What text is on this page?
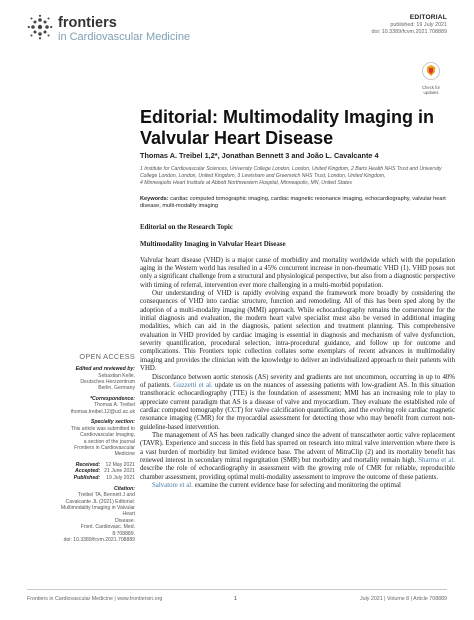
frontiers
in Cardiovascular Medicine
EDITORIAL
published: 19 July 2021
doi: 10.3389/fcvm.2021.708889
Check for updates
Editorial: Multimodality Imaging in Valvular Heart Disease
Thomas A. Treibel 1,2*, Jonathan Bennett 3 and João L. Cavalcante 4
1 Institute for Cardiovascular Sciences, University College London, London, United Kingdom, 2 Barts Health NHS Trust and University College London, London, United Kingdom, 3 Lewisham and Greenwich NHS Trust, London, United Kingdom,
4 Minneapolis Heart Institute at Abbott Northwestern Hospital, Minneapolis, MN, United States
Keywords: cardiac computed tomographic imaging, cardiac magnetic resonance imaging, echocardiography, valvular heart disease, multi-modality imaging
OPEN ACCESS
Edited and reviewed by:
Sebastian Kelle,
Deutsches Herzzentrum
Berlin, Germany
*Correspondence:
Thomas A. Treibel
thomas.treibel.12@ucl.ac.uk
Specialty section:
This article was submitted to
Cardiovascular Imaging,
a section of the journal
Frontiers in Cardiovascular Medicine
Received: 12 May 2021
Accepted: 21 June 2021
Published:	19 July 2021
Citation:
Treibel TA, Bennett J and
Cavalcante JL (2021) Editorial:
Multimodality Imaging in Valvular Heart
Disease.
Front. Cardiovasc. Med. 8:708889.
doi: 10.3389/fcvm.2021.708889
Editorial on the Research Topic
Multimodality Imaging in Valvular Heart Disease

Valvular heart disease (VHD) is a major cause of morbidity and mortality worldwide which with the population aging in the Western world has resulted in a 45% concurrent increase in non-rheumatic VHD (1). VHD poses not only a significant challenge from a structural and physiological perspective, but also from a diagnostic perspective with timing of referral, intervention ever more challenging in a multi-morbid population.

Our understanding of VHD is rapidly evolving expand the framework more broadly by considering the consequences of VHD into cardiac structure, function and remodeling. All of this has been sped along by the adoption of a multi-modality imaging (MMI) approach. While echocardiography remains the cornerstone for the initial diagnosis and evaluation, the modern heart valve specialist must also be versed in additional imaging modalities, which can aid in the diagnosis, patient selection and treatment planning. This comprehensive evaluation in VHD provided by cardiac imaging is essential in diagnosis and mechanism of valve dysfunction, severity quantification, procedural selection, intra-procedural guidance, and follow up for outcome and complications. This Frontiers topic collection collates some exemplars of recent advances in multimodality imaging and provides the clinician with the knowledge to deliver an individualized approach to their patients with VHD.

Discordance between aortic stenosis (AS) severity and gradients are not uncommon, occurring in up to 40% of patients. Guzzetti et al. update us on the nuances of assessing patients with low-gradient AS. In this situation transthoracic echocardiography (TTE) is the foundation of assessment; MMI has an increasing role to play to appreciate current paradigm that AS is a disease of valve and myocardium. They evaluate the established role of cardiac computed tomography (CCT) for valve calcification quantification, and the evolving role cardiac magnetic resonance imaging (CMR) for the myocardial assessment for detecting those who may benefit from current non-guideline-based intervention.

The management of AS has been radically changed since the advent of transcatheter aortic valve replacement (TAVR). Experience and success in this field has spurred on research into mitral valve intervention where there is a vast burden of morbidity but limited evidence base. The advent of MitraClip (2) and its mortality benefit has renewed interest in secondary mitral regurgitation (SMR) but morbidity and mortality remain high. Sharma et al. describe the role of echocardiography in assessment with the growing role of CMR for reliable, reproducible chamber assessment, providing optimal multi-modality assessment to improve the outcome of these patients.

Salvatore et al. examine the current evidence base for selecting and monitoring the optimal

Frontiers in Cardiovascular Medicine | www.frontiersin.org	1	July 2021 | Volume 8 | Article 708889
